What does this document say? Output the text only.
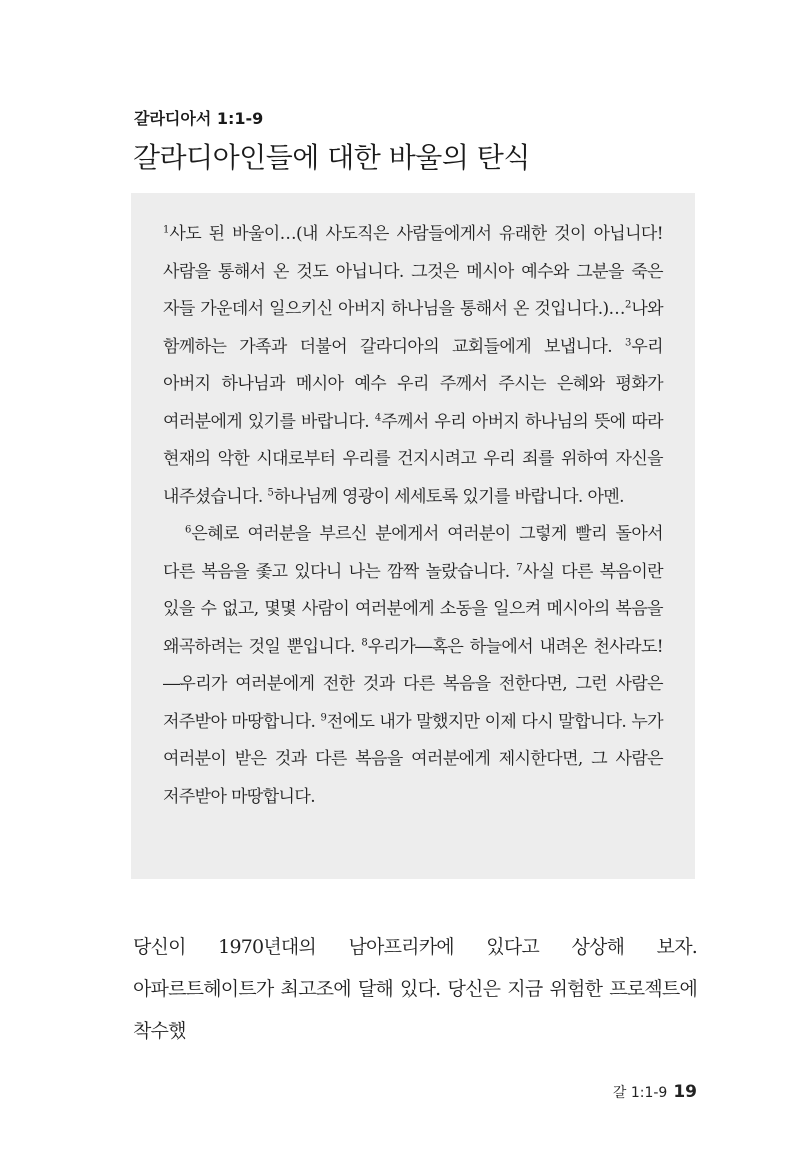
갈라디아서 1:1-9
갈라디아인들에 대한 바울의 탄식

$^1$사도 된 바울이…(내 사도직은 사람들에게서 유래한 것이 아닙니다! 사람을 통해서 온 것도 아닙니다. 그것은 메시아 예수와 그분을 죽은 자들 가운데서 일으키신 아버지 하나님을 통해서 온 것입니다.)…$^2$나와 함께하는 가족과 더불어 갈라디아의 교회들에게 보냅니다. $^3$우리 아버지 하나님과 메시아 예수 우리 주께서 주시는 은혜와 평화가 여러분에게 있기를 바랍니다. $^4$주께서 우리 아버지 하나님의 뜻에 따라 현재의 악한 시대로부터 우리를 건지시려고 우리 죄를 위하여 자신을 내주셨습니다. $^5$하나님께 영광이 세세토록 있기를 바랍니다. 아멘.

$^6$은혜로 여러분을 부르신 분에게서 여러분이 그렇게 빨리 돌아서 다른 복음을 좇고 있다니 나는 깜짝 놀랐습니다. $^7$사실 다른 복음이란 있을 수 없고, 몇몇 사람이 여러분에게 소동을 일으켜 메시아의 복음을 왜곡하려는 것일 뿐입니다. $^8$우리가―혹은 하늘에서 내려온 천사라도!―우리가 여러분에게 전한 것과 다른 복음을 전한다면, 그런 사람은 저주받아 마땅합니다. $^9$전에도 내가 말했지만 이제 다시 말합니다. 누가 여러분이 받은 것과 다른 복음을 여러분에게 제시한다면, 그 사람은 저주받아 마땅합니다.

당신이 1970년대의 남아프리카에 있다고 상상해 보자. 아파르트헤이트가 최고조에 달해 있다. 당신은 지금 위험한 프로젝트에 착수했

갈 1:1-9 19
